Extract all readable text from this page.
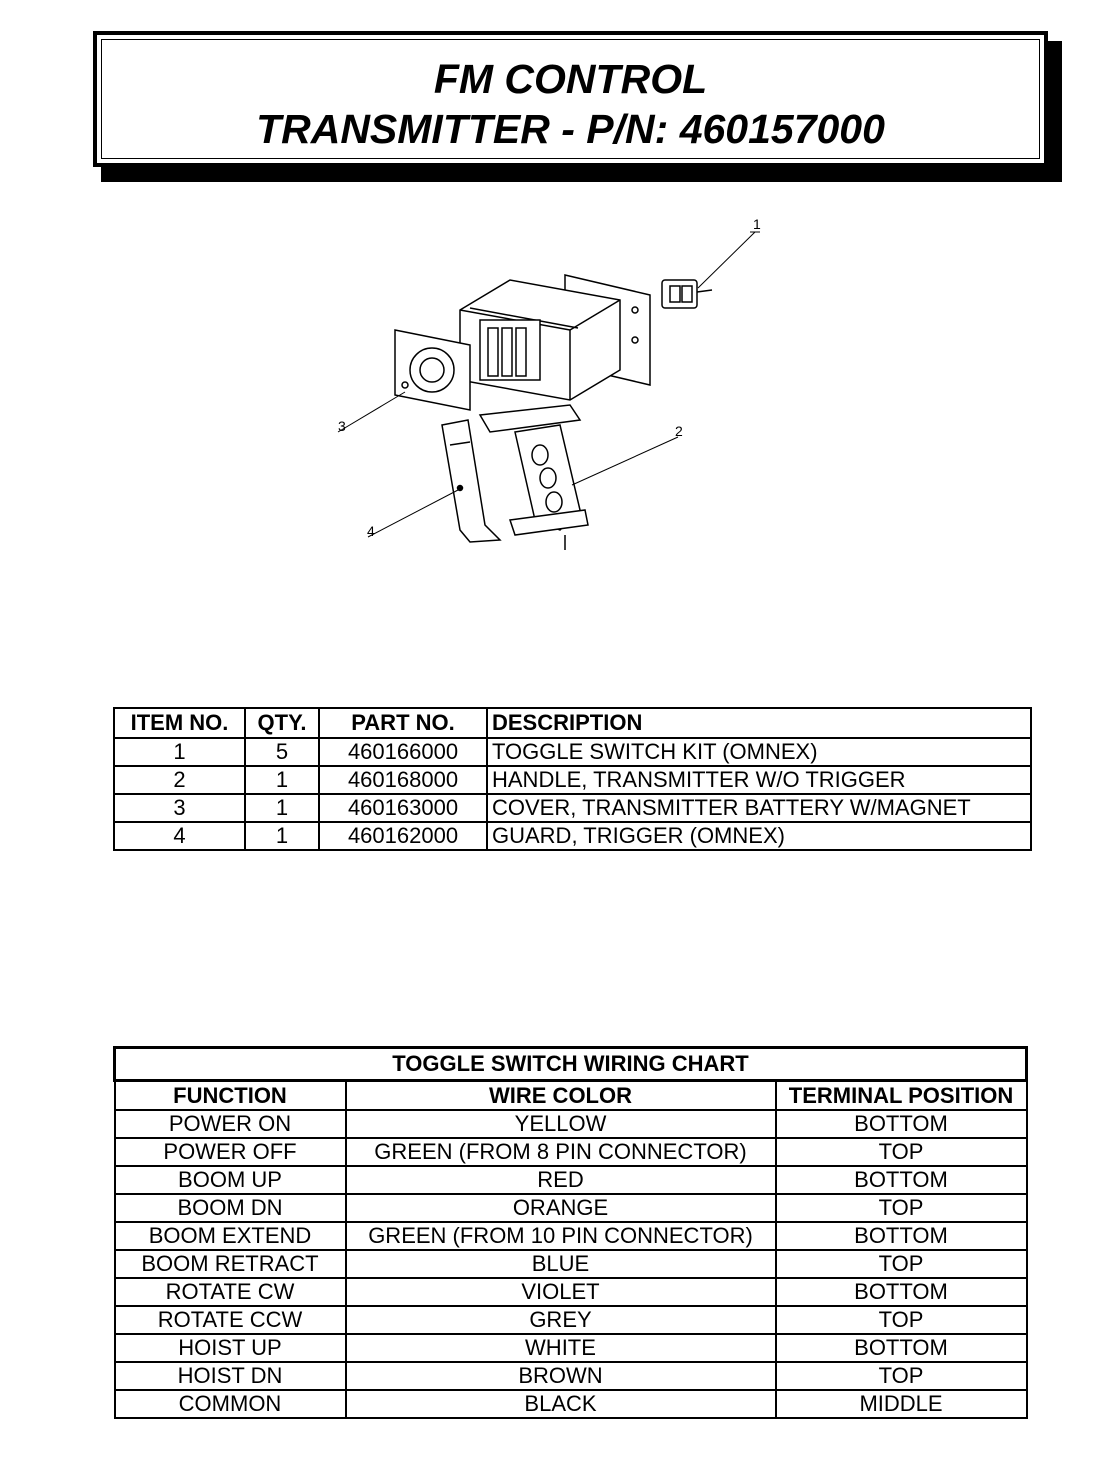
FM CONTROL
TRANSMITTER - P/N: 460157000
1
2
3
4
ITEM NO.	QTY.	PART NO.	DESCRIPTION
1	5	460166000	TOGGLE SWITCH KIT (OMNEX)
2	1	460168000	HANDLE, TRANSMITTER W/O TRIGGER
3	1	460163000	COVER, TRANSMITTER BATTERY W/MAGNET
4	1	460162000	GUARD, TRIGGER (OMNEX)
TOGGLE SWITCH WIRING CHART		
FUNCTION	WIRE COLOR	TERMINAL POSITION
POWER ON	YELLOW	BOTTOM
POWER OFF	GREEN (FROM 8 PIN CONNECTOR)	TOP
BOOM UP	RED	BOTTOM
BOOM DN	ORANGE	TOP
BOOM EXTEND	GREEN (FROM 10 PIN CONNECTOR)	BOTTOM
BOOM RETRACT	BLUE	TOP
ROTATE CW	VIOLET	BOTTOM
ROTATE CCW	GREY	TOP
HOIST UP	WHITE	BOTTOM
HOIST DN	BROWN	TOP
COMMON	BLACK	MIDDLE
